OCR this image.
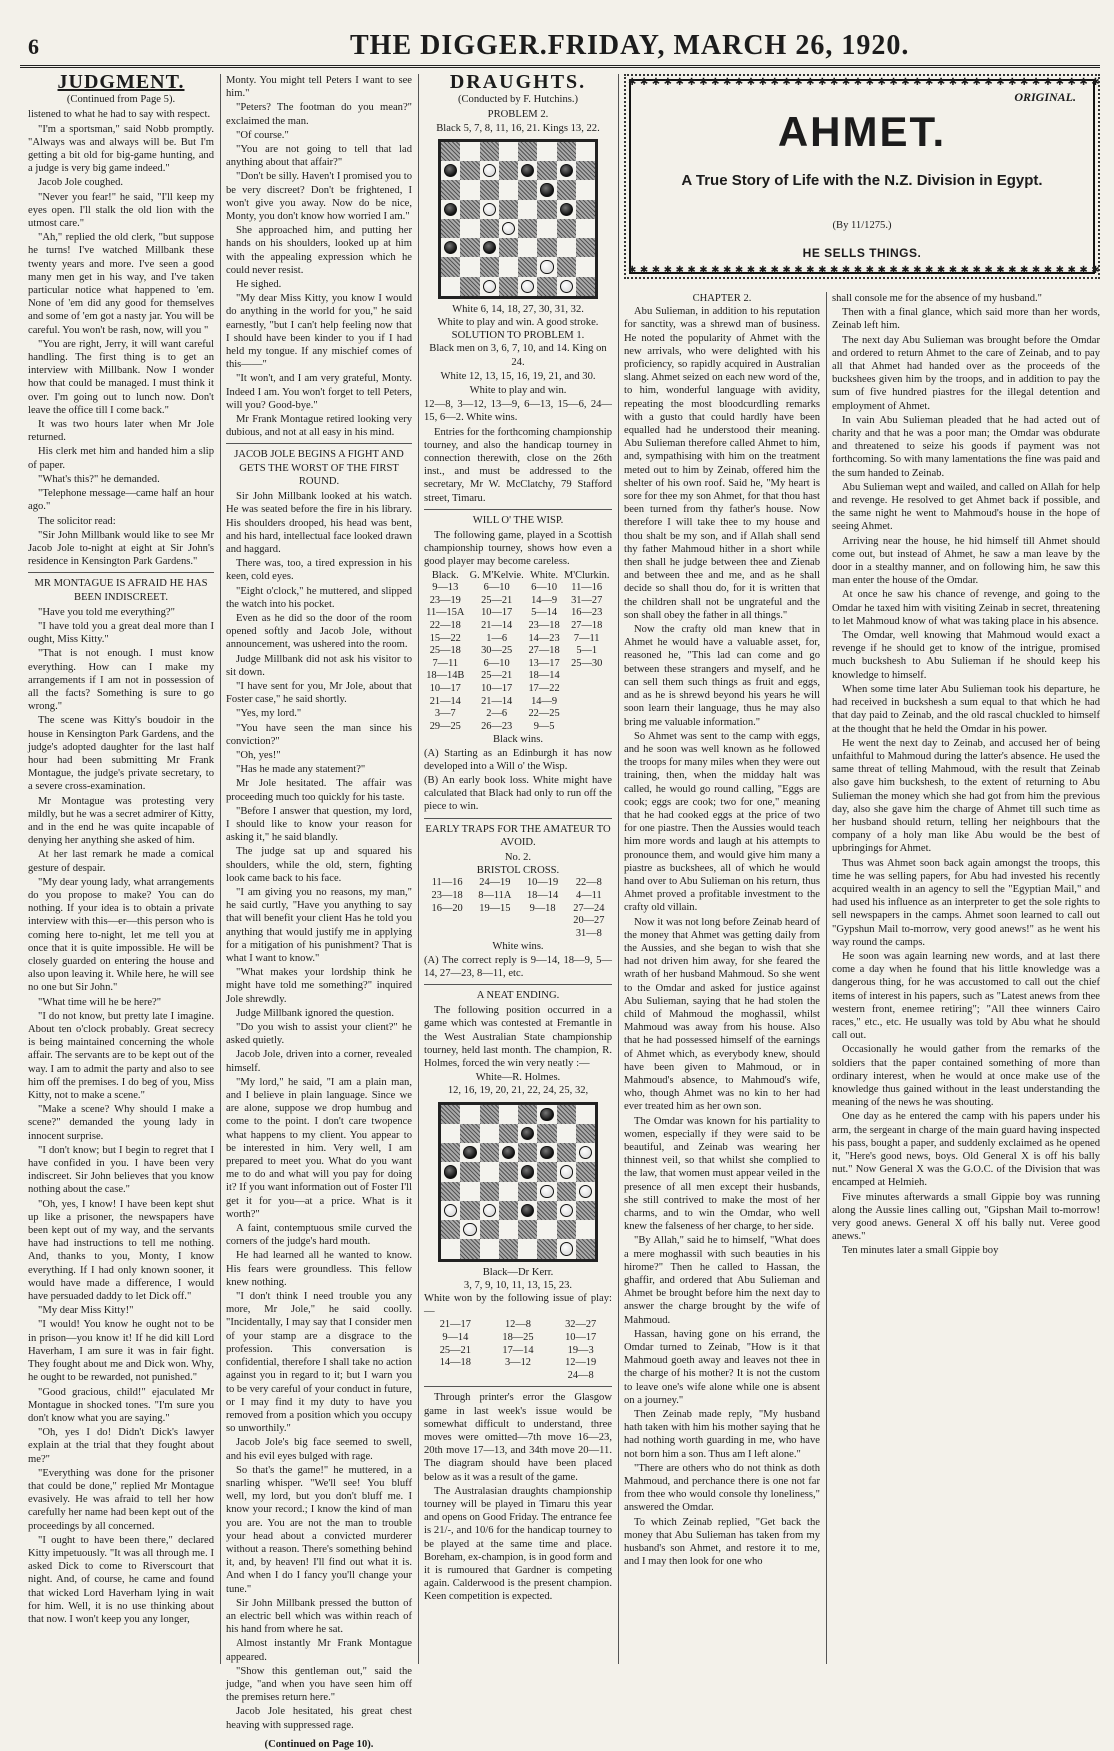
6	THE DIGGER.FRIDAY, MARCH 26, 1920.
JUDGMENT.
(Continued from Page 5).

listened to what he had to say with respect.

"I'm a sportsman," said Nobb promptly. "Always was and always will be. But I'm getting a bit old for big-game hunting, and a judge is very big game indeed."

Jacob Jole coughed.

"Never you fear!" he said, "I'll keep my eyes open. I'll stalk the old lion with the utmost care."

"Ah," replied the old clerk, "but suppose he turns! I've watched Millbank these twenty years and more. I've seen a good many men get in his way, and I've taken particular notice what happened to 'em. None of 'em did any good for themselves and some of 'em got a nasty jar. You will be careful. You won't be rash, now, will you "

"You are right, Jerry, it will want careful handling. The first thing is to get an interview with Millbank. Now I wonder how that could be managed. I must think it over. I'm going out to lunch now. Don't leave the office till I come back."

It was two hours later when Mr Jole returned.

His clerk met him and handed him a slip of paper.

"What's this?" he demanded.

"Telephone message—came half an hour ago."

The solicitor read:

"Sir John Millbank would like to see Mr Jacob Jole to-night at eight at Sir John's residence in Kensington Park Gardens."

MR MONTAGUE IS AFRAID HE HAS BEEN INDISCREET.

"Have you told me everything?"

"I have told you a great deal more than I ought, Miss Kitty."

"That is not enough. I must know everything. How can I make my arrangements if I am not in possession of all the facts? Something is sure to go wrong."

The scene was Kitty's boudoir in the house in Kensington Park Gardens, and the judge's adopted daughter for the last half hour had been submitting Mr Frank Montague, the judge's private secretary, to a severe cross-examination.

Mr Montague was protesting very mildly, but he was a secret admirer of Kitty, and in the end he was quite incapable of denying her anything she asked of him.

At her last remark he made a comical gesture of despair.

"My dear young lady, what arrangements do you propose to make? You can do nothing. If your idea is to obtain a private interview with this—er—this person who is coming here to-night, let me tell you at once that it is quite impossible. He will be closely guarded on entering the house and also upon leaving it. While here, he will see no one but Sir John."

"What time will he be here?"

"I do not know, but pretty late I imagine. About ten o'clock probably. Great secrecy is being maintained concerning the whole affair. The servants are to be kept out of the way. I am to admit the party and also to see him off the premises. I do beg of you, Miss Kitty, not to make a scene."

"Make a scene? Why should I make a scene?" demanded the young lady in innocent surprise.

"I don't know; but I begin to regret that I have confided in you. I have been very indiscreet. Sir John believes that you know nothing about the case."

"Oh, yes, I know! I have been kept shut up like a prisoner, the newspapers have been kept out of my way, and the servants have had instructions to tell me nothing. And, thanks to you, Monty, I know everything. If I had only known sooner, it would have made a difference, I would have persuaded daddy to let Dick off."

"My dear Miss Kitty!"

"I would! You know he ought not to be in prison—you know it! If he did kill Lord Haverham, I am sure it was in fair fight. They fought about me and Dick won. Why, he ought to be rewarded, not punished."

"Good gracious, child!" ejaculated Mr Montague in shocked tones. "I'm sure you don't know what you are saying."

"Oh, yes I do! Didn't Dick's lawyer explain at the trial that they fought about me?"

"Everything was done for the prisoner that could be done," replied Mr Montague evasively. He was afraid to tell her how carefully her name had been kept out of the proceedings by all concerned.

"I ought to have been there," declared Kitty impetuously. "It was all through me. I asked Dick to come to Riverscourt that night. And, of course, he came and found that wicked Lord Haverham lying in wait for him. Well, it is no use thinking about that now. I won't keep you any longer,

Monty. You might tell Peters I want to see him."

"Peters? The footman do you mean?" exclaimed the man.

"Of course."

"You are not going to tell that lad anything about that affair?"

"Don't be silly. Haven't I promised you to be very discreet? Don't be frightened, I won't give you away. Now do be nice, Monty, you don't know how worried I am."

She approached him, and putting her hands on his shoulders, looked up at him with the appealing expression which he could never resist.

He sighed.

"My dear Miss Kitty, you know I would do anything in the world for you," he said earnestly, "but I can't help feeling now that I should have been kinder to you if I had held my tongue. If any mischief comes of this——"

"It won't, and I am very grateful, Monty. Indeed I am. You won't forget to tell Peters, will you? Good-bye."

Mr Frank Montague retired looking very dubious, and not at all easy in his mind.

JACOB JOLE BEGINS A FIGHT AND GETS THE WORST OF THE FIRST ROUND.

Sir John Millbank looked at his watch. He was seated before the fire in his library. His shoulders drooped, his head was bent, and his hard, intellectual face looked drawn and haggard.

There was, too, a tired expression in his keen, cold eyes.

"Eight o'clock," he muttered, and slipped the watch into his pocket.

Even as he did so the door of the room opened softly and Jacob Jole, without announcement, was ushered into the room.

Judge Millbank did not ask his visitor to sit down.

"I have sent for you, Mr Jole, about that Foster case," he said shortly.

"Yes, my lord."

"You have seen the man since his conviction?"

"Oh, yes!"

"Has he made any statement?"

Mr Jole hesitated. The affair was proceeding much too quickly for his taste.

"Before I answer that question, my lord, I should like to know your reason for asking it," he said blandly.

The judge sat up and squared his shoulders, while the old, stern, fighting look came back to his face.

"I am giving you no reasons, my man," he said curtly, "Have you anything to say that will benefit your client Has he told you anything that would justify me in applying for a mitigation of his punishment? That is what I want to know."

"What makes your lordship think he might have told me something?" inquired Jole shrewdly.

Judge Millbank ignored the question.

"Do you wish to assist your client?" he asked quietly.

Jacob Jole, driven into a corner, revealed himself.

"My lord," he said, "I am a plain man, and I believe in plain language. Since we are alone, suppose we drop humbug and come to the point. I don't care twopence what happens to my client. You appear to be interested in him. Very well, I am prepared to meet you. What do you want me to do and what will you pay for doing it? If you want information out of Foster I'll get it for you—at a price. What is it worth?"

A faint, contemptuous smile curved the corners of the judge's hard mouth.

He had learned all he wanted to know. His fears were groundless. This fellow knew nothing.

"I don't think I need trouble you any more, Mr Jole," he said coolly. "Incidentally, I may say that I consider men of your stamp are a disgrace to the profession. This conversation is confidential, therefore I shall take no action against you in regard to it; but I warn you to be very careful of your conduct in future, or I may find it my duty to have you removed from a position which you occupy so unworthily."

Jacob Jole's big face seemed to swell, and his evil eyes bulged with rage.

So that's the game!" he muttered, in a snarling whisper. "We'll see! You bluff well, my lord, but you don't bluff me. I know your record.; I know the kind of man you are. You are not the man to trouble your head about a convicted murderer without a reason. There's something behind it, and, by heaven! I'll find out what it is. And when I do I fancy you'll change your tune."

Sir John Millbank pressed the button of an electric bell which was within reach of his hand from where he sat.

Almost instantly Mr Frank Montague appeared.

"Show this gentleman out," said the judge, "and when you have seen him off the premises return here."

Jacob Jole hesitated, his great chest heaving with suppressed rage.

(Continued on Page 10).
DRAUGHTS.
(Conducted by F. Hutchins.)
PROBLEM 2.
Black 5, 7, 8, 11, 16, 21. Kings 13, 22.
White 6, 14, 18, 27, 30, 31, 32.
White to play and win. A good stroke.
SOLUTION TO PROBLEM 1.

Black men on 3, 6, 7, 10, and 14. King on 24.

White 12, 13, 15, 16, 19, 21, and 30.

White to play and win.

12—8, 3—12, 13—9, 6—13, 15—6, 24—15, 6—2. White wins.

Entries for the forthcoming championship tourney, and also the handicap tourney in connection therewith, close on the 26th inst., and must be addressed to the secretary, Mr W. McClatchy, 79 Stafford street, Timaru.

WILL O' THE WISP.

The following game, played in a Scottish championship tourney, shows how even a good player may become careless.

Black.	G. M'Kelvie.	White.	M'Clurkin.
9—13	6—10	6—10	11—16
23—19	25—21	14—9	31—27
11—15A	10—17	5—14	16—23
22—18	21—14	23—18	27—18
15—22	1—6	14—23	7—11
25—18	30—25	27—18	5—1
7—11	6—10	13—17	25—30
18—14B	25—21	18—14	
10—17	10—17	17—22	
21—14	21—14	14—9	
3—7	2—6	22—25	
29—25	26—23	9—5	
Black wins.

(A) Starting as an Edinburgh it has now developed into a Will o' the Wisp.

(B) An early book loss. White might have calculated that Black had only to run off the piece to win.

EARLY TRAPS FOR THE AMATEUR TO AVOID.
No. 2.
BRISTOL CROSS.
11—16	24—19	10—19	22—8
23—18	8—11A	18—14	4—11
16—20	19—15	9—18	27—24
			20—27
			31—8
White wins.

(A) The correct reply is 9—14, 18—9, 5—14, 27—23, 8—11, etc.

A NEAT ENDING.

The following position occurred in a game which was contested at Fremantle in the West Australian State championship tourney, held last month. The champion, R. Holmes, forced the win very neatly :—

White—R. Holmes.
12, 16, 19, 20, 21, 22, 24, 25, 32,
Black—Dr Kerr.
3, 7, 9, 10, 11, 13, 15, 23.

White won by the following issue of play:—

21—17	12—8	32—27
9—14	18—25	10—17
25—21	17—14	19—3
14—18	3—12	12—19
		24—8

Through printer's error the Glasgow game in last week's issue would be somewhat difficult to understand, three moves were omitted—7th move 16—23, 20th move 17—13, and 34th move 20—11. The diagram should have been placed below as it was a result of the game.

The Australasian draughts championship tourney will be played in Timaru this year and opens on Good Friday. The entrance fee is 21/-, and 10/6 for the handicap tourney to be played at the same time and place. Boreham, ex-champion, is in good form and it is rumoured that Gardner is competing again. Calderwood is the present champion. Keen competition is expected.

✱ ✱ ✱ ✱ ✱ ✱ ✱ ✱ ✱ ✱ ✱ ✱ ✱ ✱ ✱ ✱ ✱ ✱ ✱ ✱ ✱ ✱ ✱ ✱ ✱ ✱ ✱ ✱ ✱ ✱ ✱ ✱ ✱ ✱ ✱ ✱ ✱ ✱ ✱ ✱
✱ ✱ ✱ ✱ ✱ ✱ ✱ ✱ ✱ ✱ ✱ ✱ ✱ ✱ ✱ ✱ ✱ ✱ ✱ ✱ ✱ ✱ ✱ ✱ ✱ ✱ ✱ ✱ ✱ ✱ ✱ ✱ ✱ ✱ ✱ ✱ ✱ ✱ ✱ ✱
ORIGINAL.
AHMET.
A True Story of Life with the N.Z. Division in Egypt.
(By 11/1275.)
HE SELLS THINGS.
CHAPTER 2.

Abu Sulieman, in addition to his reputation for sanctity, was a shrewd man of business. He noted the popularity of Ahmet with the new arrivals, who were delighted with his proficiency, so rapidly acquired in Australian slang. Ahmet seized on each new word of the, to him, wonderful language with avidity, repeating the most bloodcurdling remarks with a gusto that could hardly have been equalled had he understood their meaning. Abu Sulieman therefore called Ahmet to him, and, sympathising with him on the treatment meted out to him by Zeinab, offered him the shelter of his own roof. Said he, "My heart is sore for thee my son Ahmet, for that thou hast been turned from thy father's house. Now therefore I will take thee to my house and thou shalt be my son, and if Allah shall send thy father Mahmoud hither in a short while then shall he judge between thee and Zienab and between thee and me, and as he shall decide so shall thou do, for it is written that the children shall not be ungrateful and the son shall obey the father in all things."

Now the crafty old man knew that in Ahmet he would have a valuable asset, for, reasoned he, "This lad can come and go between these strangers and myself, and he can sell them such things as fruit and eggs, and as he is shrewd beyond his years he will soon learn their language, thus he may also bring me valuable information."

So Ahmet was sent to the camp with eggs, and he soon was well known as he followed the troops for many miles when they were out training, then, when the midday halt was called, he would go round calling, "Eggs are cook; eggs are cook; two for one," meaning that he had cooked eggs at the price of two for one piastre. Then the Aussies would teach him more words and laugh at his attempts to pronounce them, and would give him many a piastre as buckshees, all of which he would hand over to Abu Sulieman on his return, thus Ahmet proved a profitable investment to the crafty old villain.

Now it was not long before Zeinab heard of the money that Ahmet was getting daily from the Aussies, and she began to wish that she had not driven him away, for she feared the wrath of her husband Mahmoud. So she went to the Omdar and asked for justice against Abu Sulieman, saying that he had stolen the child of Mahmoud the moghassil, whilst Mahmoud was away from his house. Also that he had possessed himself of the earnings of Ahmet which, as everybody knew, should have been given to Mahmoud, or in Mahmoud's absence, to Mahmoud's wife, who, though Ahmet was no kin to her had ever treated him as her own son.

The Omdar was known for his partiality to women, especially if they were said to be beautiful, and Zeinab was wearing her thinnest veil, so that whilst she complied to the law, that women must appear veiled in the presence of all men except their husbands, she still contrived to make the most of her charms, and to win the Omdar, who well knew the falseness of her charge, to her side.

"By Allah," said he to himself, "What does a mere moghassil with such beauties in his hirome?" Then he called to Hassan, the ghaffir, and ordered that Abu Sulieman and Ahmet be brought before him the next day to answer the charge brought by the wife of Mahmoud.

Hassan, having gone on his errand, the Omdar turned to Zeinab, "How is it that Mahmoud goeth away and leaves not thee in the charge of his mother? It is not the custom to leave one's wife alone while one is absent on a journey."

Then Zeinab made reply, "My husband hath taken with him his mother saying that he had nothing worth guarding in me, who have not born him a son. Thus am I left alone."

"There are others who do not think as doth Mahmoud, and perchance there is one not far from thee who would console thy loneliness," answered the Omdar.

To which Zeinab replied, "Get back the money that Abu Sulieman has taken from my husband's son Ahmet, and restore it to me, and I may then look for one who

shall console me for the absence of my husband."

Then with a final glance, which said more than her words, Zeinab left him.

The next day Abu Sulieman was brought before the Omdar and ordered to return Ahmet to the care of Zeinab, and to pay all that Ahmet had handed over as the proceeds of the buckshees given him by the troops, and in addition to pay the sum of five hundred piastres for the illegal detention and employment of Ahmet.

In vain Abu Sulieman pleaded that he had acted out of charity and that he was a poor man; the Omdar was obdurate and threatened to seize his goods if payment was not forthcoming. So with many lamentations the fine was paid and the sum handed to Zeinab.

Abu Sulieman wept and wailed, and called on Allah for help and revenge. He resolved to get Ahmet back if possible, and the same night he went to Mahmoud's house in the hope of seeing Ahmet.

Arriving near the house, he hid himself till Ahmet should come out, but instead of Ahmet, he saw a man leave by the door in a stealthy manner, and on following him, he saw this man enter the house of the Omdar.

At once he saw his chance of revenge, and going to the Omdar he taxed him with visiting Zeinab in secret, threatening to let Mahmoud know of what was taking place in his absence.

The Omdar, well knowing that Mahmoud would exact a revenge if he should get to know of the intrigue, promised much buckshesh to Abu Sulieman if he should keep his knowledge to himself.

When some time later Abu Sulieman took his departure, he had received in buckshesh a sum equal to that which he had that day paid to Zeinab, and the old rascal chuckled to himself at the thought that he held the Omdar in his power.

He went the next day to Zeinab, and accused her of being unfaithful to Mahmoud during the latter's absence. He used the same threat of telling Mahmoud, with the result that Zeinab also gave him buckshesh, to the extent of returning to Abu Sulieman the money which she had got from him the previous day, also she gave him the charge of Ahmet till such time as her husband should return, telling her neighbours that the company of a holy man like Abu would be the best of upbringings for Ahmet.

Thus was Ahmet soon back again amongst the troops, this time he was selling papers, for Abu had invested his recently acquired wealth in an agency to sell the "Egyptian Mail," and had used his influence as an interpreter to get the sole rights to sell newspapers in the camps. Ahmet soon learned to call out "Gypshun Mail to-morrow, very good anews!" as he went his way round the camps.

He soon was again learning new words, and at last there come a day when he found that his little knowledge was a dangerous thing, for he was accustomed to call out the chief items of interest in his papers, such as "Latest anews from thee western front, enemee retiring"; "All thee winners Cairo races," etc., etc. He usually was told by Abu what he should call out.

Occasionally he would gather from the remarks of the soldiers that the paper contained something of more than ordinary interest, when he would at once make use of the knowledge thus gained without in the least understanding the meaning of the news he was shouting.

One day as he entered the camp with his papers under his arm, the sergeant in charge of the main guard having inspected his pass, bought a paper, and suddenly exclaimed as he opened it, "Here's good news, boys. Old General X is off his bally nut." Now General X was the G.O.C. of the Division that was encamped at Helmieh.

Five minutes afterwards a small Gippie boy was running along the Aussie lines calling out, "Gipshan Mail to-morrow! very good anews. General X off his bally nut. Veree good anews."

Ten minutes later a small Gippie boy
